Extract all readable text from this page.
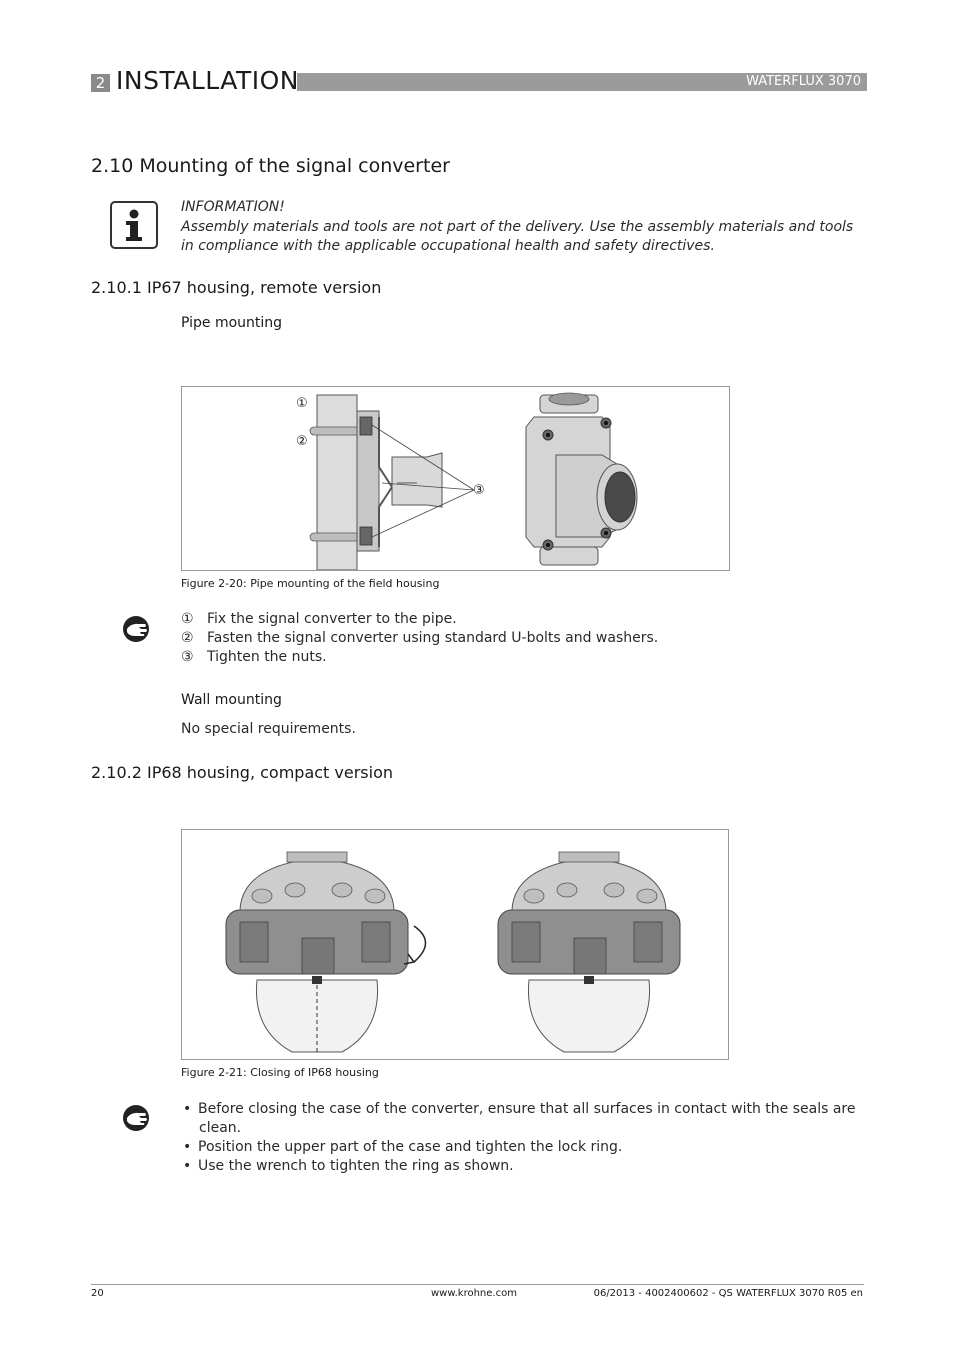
2 INSTALLATION	WATERFLUX 3070
2.10 Mounting of the signal converter
INFORMATION!
Assembly materials and tools are not part of the delivery. Use the assembly materials and tools
in compliance with the applicable occupational health and safety directives.
2.10.1 IP67 housing, remote version
Pipe mounting
①
②
③
Figure 2-20: Pipe mounting of the field housing
① Fix the signal converter to the pipe.
② Fasten the signal converter using standard U-bolts and washers.
③ Tighten the nuts.
Wall mounting
No special requirements.
2.10.2 IP68 housing, compact version
Figure 2-21: Closing of IP68 housing
• Before closing the case of the converter, ensure that all surfaces in contact with the seals are
clean.
• Position the upper part of the case and tighten the lock ring.
• Use the wrench to tighten the ring as shown.
20	www.krohne.com	06/2013 - 4002400602 - QS WATERFLUX 3070 R05 en
